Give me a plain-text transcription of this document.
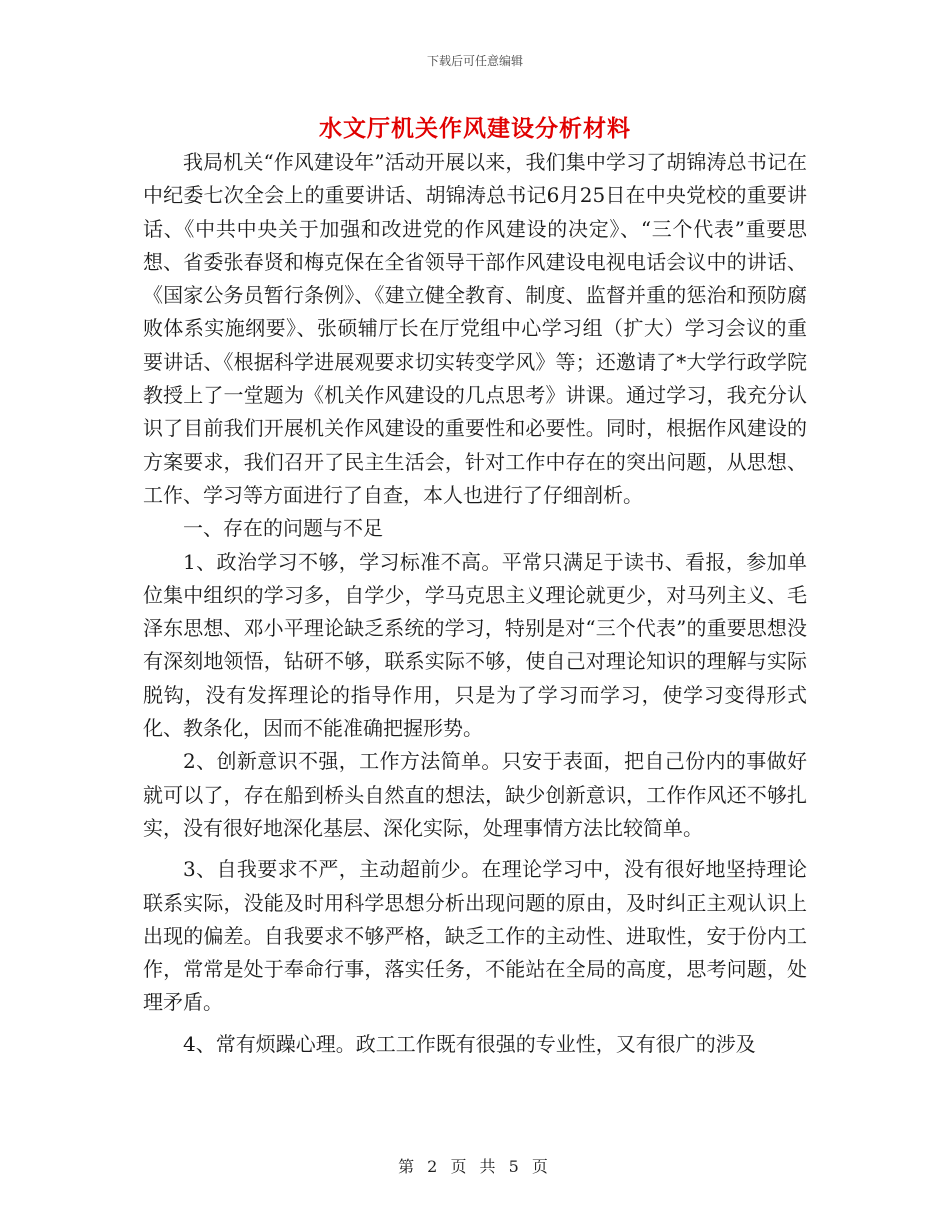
下载后可任意编辑
水文厅机关作风建设分析材料

我局机关“作风建设年”活动开展以来，我们集中学习了胡锦涛总书记在中纪委七次全会上的重要讲话、胡锦涛总书记6月25日在中央党校的重要讲话、《中共中央关于加强和改进党的作风建设的决定》、“三个代表”重要思想、省委张春贤和梅克保在全省领导干部作风建设电视电话会议中的讲话、《国家公务员暂行条例》、《建立健全教育、制度、监督并重的惩治和预防腐败体系实施纲要》、张硕辅厅长在厅党组中心学习组（扩大）学习会议的重要讲话、《根据科学进展观要求切实转变学风》等；还邀请了*大学行政学院教授上了一堂题为《机关作风建设的几点思考》讲课。通过学习，我充分认识了目前我们开展机关作风建设的重要性和必要性。同时，根据作风建设的方案要求，我们召开了民主生活会，针对工作中存在的突出问题，从思想、工作、学习等方面进行了自查，本人也进行了仔细剖析。

一、存在的问题与不足

1、政治学习不够，学习标准不高。平常只满足于读书、看报，参加单位集中组织的学习多，自学少，学马克思主义理论就更少，对马列主义、毛泽东思想、邓小平理论缺乏系统的学习，特别是对“三个代表”的重要思想没有深刻地领悟，钻研不够，联系实际不够，使自己对理论知识的理解与实际脱钩，没有发挥理论的指导作用，只是为了学习而学习，使学习变得形式化、教条化，因而不能准确把握形势。

2、创新意识不强，工作方法简单。只安于表面，把自己份内的事做好就可以了，存在船到桥头自然直的想法，缺少创新意识，工作作风还不够扎实，没有很好地深化基层、深化实际，处理事情方法比较简单。

3、自我要求不严，主动超前少。在理论学习中，没有很好地坚持理论联系实际，没能及时用科学思想分析出现问题的原由，及时纠正主观认识上出现的偏差。自我要求不够严格，缺乏工作的主动性、进取性，安于份内工作，常常是处于奉命行事，落实任务，不能站在全局的高度，思考问题，处理矛盾。

4、常有烦躁心理。政工工作既有很强的专业性，又有很广的涉及

第 2 页 共 5 页
